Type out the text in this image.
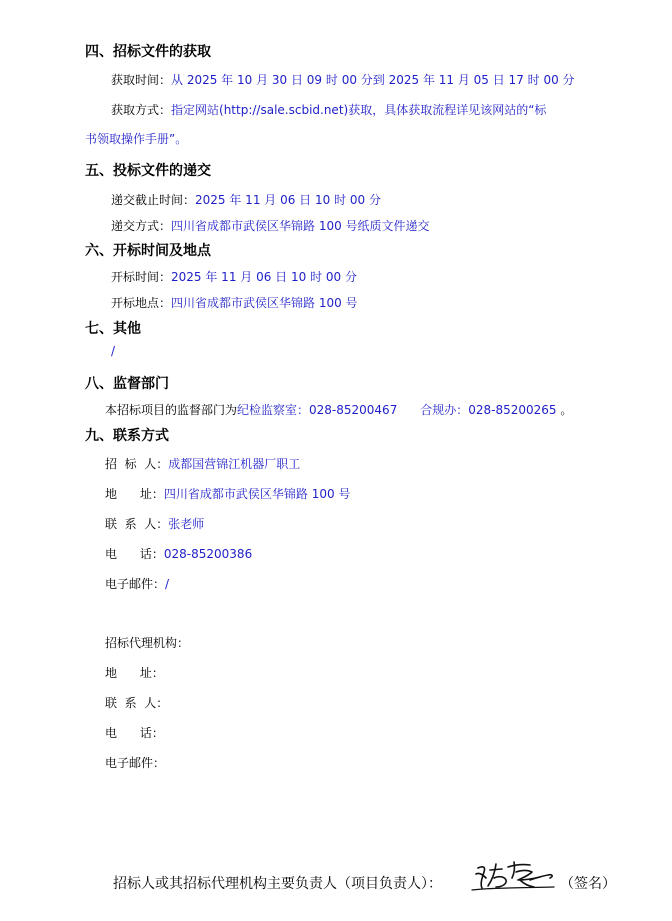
四、招标文件的获取
获取时间：从 2025 年 10 月 30 日 09 时 00 分到 2025 年 11 月 05 日 17 时 00 分
获取方式：指定网站(http://sale.scbid.net)获取，具体获取流程详见该网站的“标
书领取操作手册”。
五、投标文件的递交
递交截止时间：2025 年 11 月 06 日 10 时 00 分
递交方式：四川省成都市武侯区华锦路 100 号纸质文件递交
六、开标时间及地点
开标时间：2025 年 11 月 06 日 10 时 00 分
开标地点：四川省成都市武侯区华锦路 100 号
七、其他
/
八、监督部门
本招标项目的监督部门为纪检监察室：028-85200467      合规办：028-85200265 。
九、联系方式
招  标  人：成都国营锦江机器厂职工
地      址：四川省成都市武侯区华锦路 100 号
联  系  人：张老师
电      话：028-85200386
电子邮件：/
招标代理机构：
地      址：
联  系  人：
电      话：
电子邮件：
招标人或其招标代理机构主要负责人（项目负责人）：	（签名）
